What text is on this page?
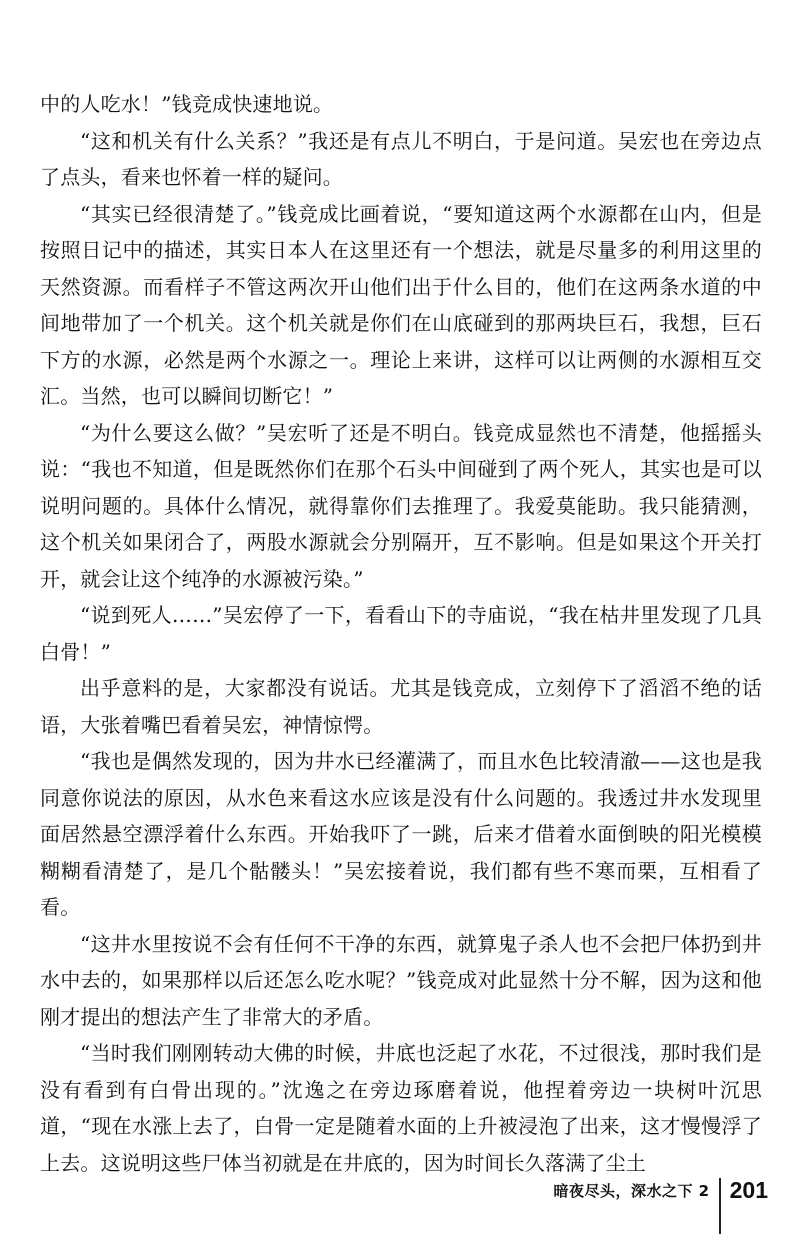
中的人吃水！”钱竞成快速地说。

“这和机关有什么关系？”我还是有点儿不明白，于是问道。吴宏也在旁边点了点头，看来也怀着一样的疑问。

“其实已经很清楚了。”钱竞成比画着说，“要知道这两个水源都在山内，但是按照日记中的描述，其实日本人在这里还有一个想法，就是尽量多的利用这里的天然资源。而看样子不管这两次开山他们出于什么目的，他们在这两条水道的中间地带加了一个机关。这个机关就是你们在山底碰到的那两块巨石，我想，巨石下方的水源，必然是两个水源之一。理论上来讲，这样可以让两侧的水源相互交汇。当然，也可以瞬间切断它！”

“为什么要这么做？”吴宏听了还是不明白。钱竞成显然也不清楚，他摇摇头说：“我也不知道，但是既然你们在那个石头中间碰到了两个死人，其实也是可以说明问题的。具体什么情况，就得靠你们去推理了。我爱莫能助。我只能猜测，这个机关如果闭合了，两股水源就会分别隔开，互不影响。但是如果这个开关打开，就会让这个纯净的水源被污染。”

“说到死人……”吴宏停了一下，看看山下的寺庙说，“我在枯井里发现了几具白骨！”

出乎意料的是，大家都没有说话。尤其是钱竞成，立刻停下了滔滔不绝的话语，大张着嘴巴看着吴宏，神情惊愕。

“我也是偶然发现的，因为井水已经灌满了，而且水色比较清澈——这也是我同意你说法的原因，从水色来看这水应该是没有什么问题的。我透过井水发现里面居然悬空漂浮着什么东西。开始我吓了一跳，后来才借着水面倒映的阳光模模糊糊看清楚了，是几个骷髅头！”吴宏接着说，我们都有些不寒而栗，互相看了看。

“这井水里按说不会有任何不干净的东西，就算鬼子杀人也不会把尸体扔到井水中去的，如果那样以后还怎么吃水呢？”钱竞成对此显然十分不解，因为这和他刚才提出的想法产生了非常大的矛盾。

“当时我们刚刚转动大佛的时候，井底也泛起了水花，不过很浅，那时我们是没有看到有白骨出现的。”沈逸之在旁边琢磨着说，他捏着旁边一块树叶沉思道，“现在水涨上去了，白骨一定是随着水面的上升被浸泡了出来，这才慢慢浮了上去。这说明这些尸体当初就是在井底的，因为时间长久落满了尘土

暗夜尽头，深水之下 2 201
